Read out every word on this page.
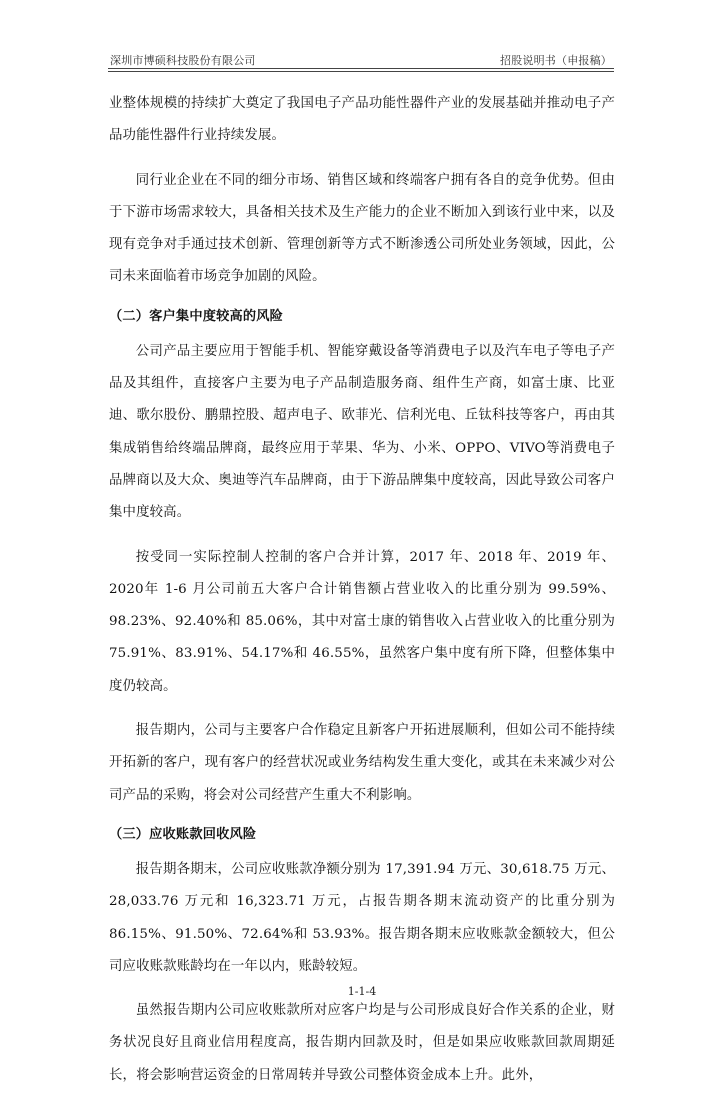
深圳市博硕科技股份有限公司	招股说明书（申报稿）

业整体规模的持续扩大奠定了我国电子产品功能性器件产业的发展基础并推动电子产品功能性器件行业持续发展。

同行业企业在不同的细分市场、销售区域和终端客户拥有各自的竞争优势。但由于下游市场需求较大，具备相关技术及生产能力的企业不断加入到该行业中来，以及现有竞争对手通过技术创新、管理创新等方式不断渗透公司所处业务领域，因此，公司未来面临着市场竞争加剧的风险。

（二）客户集中度较高的风险

公司产品主要应用于智能手机、智能穿戴设备等消费电子以及汽车电子等电子产品及其组件，直接客户主要为电子产品制造服务商、组件生产商，如富士康、比亚迪、歌尔股份、鹏鼎控股、超声电子、欧菲光、信利光电、丘钛科技等客户，再由其集成销售给终端品牌商，最终应用于苹果、华为、小米、OPPO、VIVO等消费电子品牌商以及大众、奥迪等汽车品牌商，由于下游品牌集中度较高，因此导致公司客户集中度较高。

按受同一实际控制人控制的客户合并计算，2017 年、2018 年、2019 年、2020年 1-6 月公司前五大客户合计销售额占营业收入的比重分别为 99.59%、98.23%、92.40%和 85.06%，其中对富士康的销售收入占营业收入的比重分别为 75.91%、83.91%、54.17%和 46.55%，虽然客户集中度有所下降，但整体集中度仍较高。

报告期内，公司与主要客户合作稳定且新客户开拓进展顺利，但如公司不能持续开拓新的客户，现有客户的经营状况或业务结构发生重大变化，或其在未来减少对公司产品的采购，将会对公司经营产生重大不利影响。

（三）应收账款回收风险

报告期各期末，公司应收账款净额分别为 17,391.94 万元、30,618.75 万元、28,033.76 万元和 16,323.71 万元，占报告期各期末流动资产的比重分别为 86.15%、91.50%、72.64%和 53.93%。报告期各期末应收账款金额较大，但公司应收账款账龄均在一年以内，账龄较短。

虽然报告期内公司应收账款所对应客户均是与公司形成良好合作关系的企业，财务状况良好且商业信用程度高，报告期内回款及时，但是如果应收账款回款周期延长，将会影响营运资金的日常周转并导致公司整体资金成本上升。此外，

1-1-4
